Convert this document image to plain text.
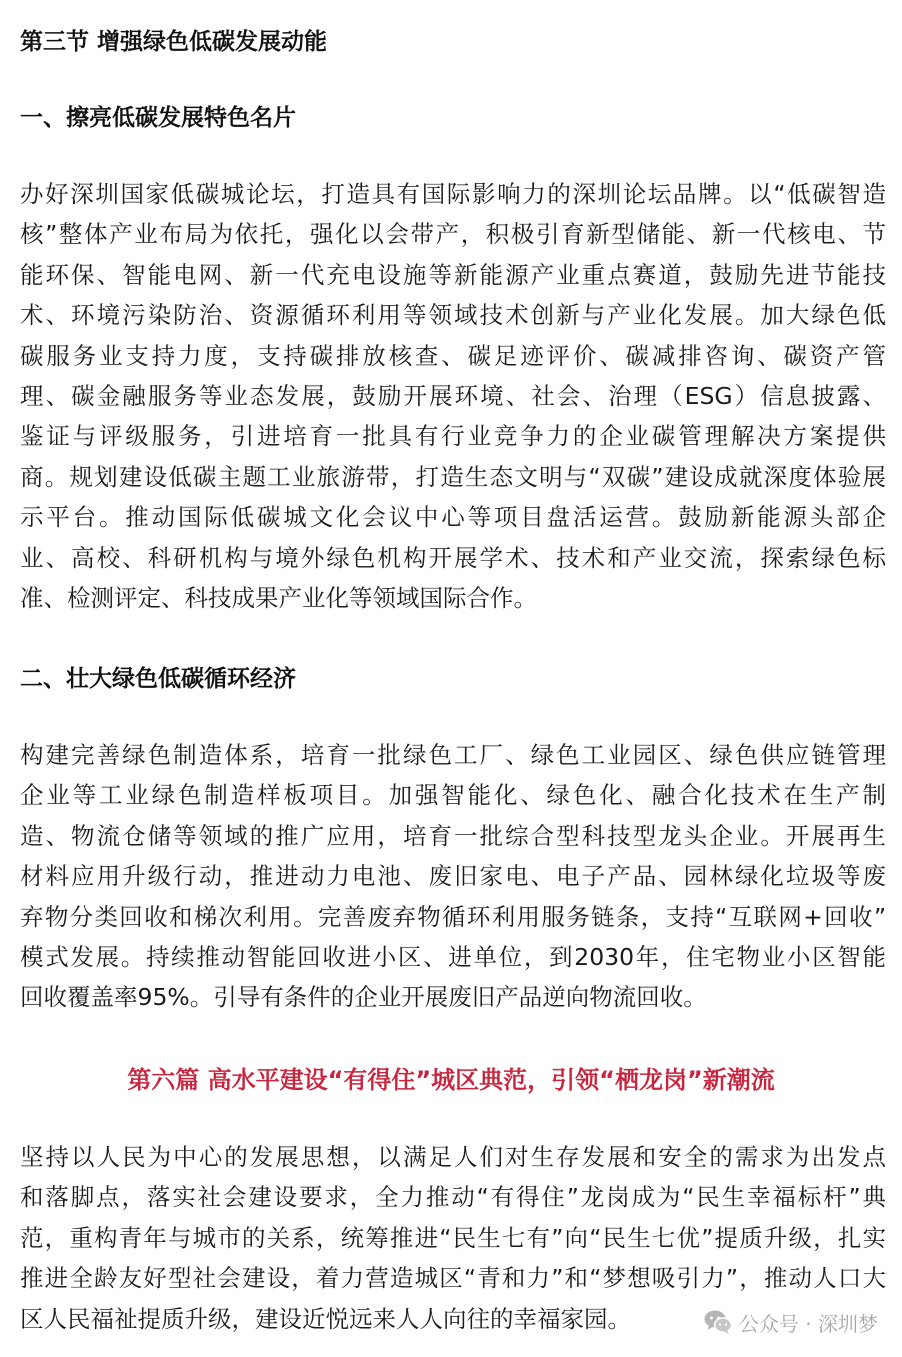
第三节 增强绿色低碳发展动能
一、擦亮低碳发展特色名片
办好深圳国家低碳城论坛，打造具有国际影响力的深圳论坛品牌。以“低碳智造
核”整体产业布局为依托，强化以会带产，积极引育新型储能、新一代核电、节
能环保、智能电网、新一代充电设施等新能源产业重点赛道，鼓励先进节能技
术、环境污染防治、资源循环利用等领域技术创新与产业化发展。加大绿色低
碳服务业支持力度，支持碳排放核查、碳足迹评价、碳减排咨询、碳资产管
理、碳金融服务等业态发展，鼓励开展环境、社会、治理（ESG）信息披露、
鉴证与评级服务，引进培育一批具有行业竞争力的企业碳管理解决方案提供
商。规划建设低碳主题工业旅游带，打造生态文明与“双碳”建设成就深度体验展
示平台。推动国际低碳城文化会议中心等项目盘活运营。鼓励新能源头部企
业、高校、科研机构与境外绿色机构开展学术、技术和产业交流，探索绿色标
准、检测评定、科技成果产业化等领域国际合作。
二、壮大绿色低碳循环经济
构建完善绿色制造体系，培育一批绿色工厂、绿色工业园区、绿色供应链管理
企业等工业绿色制造样板项目。加强智能化、绿色化、融合化技术在生产制
造、物流仓储等领域的推广应用，培育一批综合型科技型龙头企业。开展再生
材料应用升级行动，推进动力电池、废旧家电、电子产品、园林绿化垃圾等废
弃物分类回收和梯次利用。完善废弃物循环利用服务链条，支持“互联网+回收”
模式发展。持续推动智能回收进小区、进单位，到2030年，住宅物业小区智能
回收覆盖率95%。引导有条件的企业开展废旧产品逆向物流回收。
第六篇 高水平建设“有得住”城区典范，引领“栖龙岗”新潮流
坚持以人民为中心的发展思想，以满足人们对生存发展和安全的需求为出发点
和落脚点，落实社会建设要求，全力推动“有得住”龙岗成为“民生幸福标杆”典
范，重构青年与城市的关系，统筹推进“民生七有”向“民生七优”提质升级，扎实
推进全龄友好型社会建设，着力营造城区“青和力”和“梦想吸引力”，推动人口大
区人民福祉提质升级，建设近悦远来人人向往的幸福家园。	公众号 · 深圳梦
